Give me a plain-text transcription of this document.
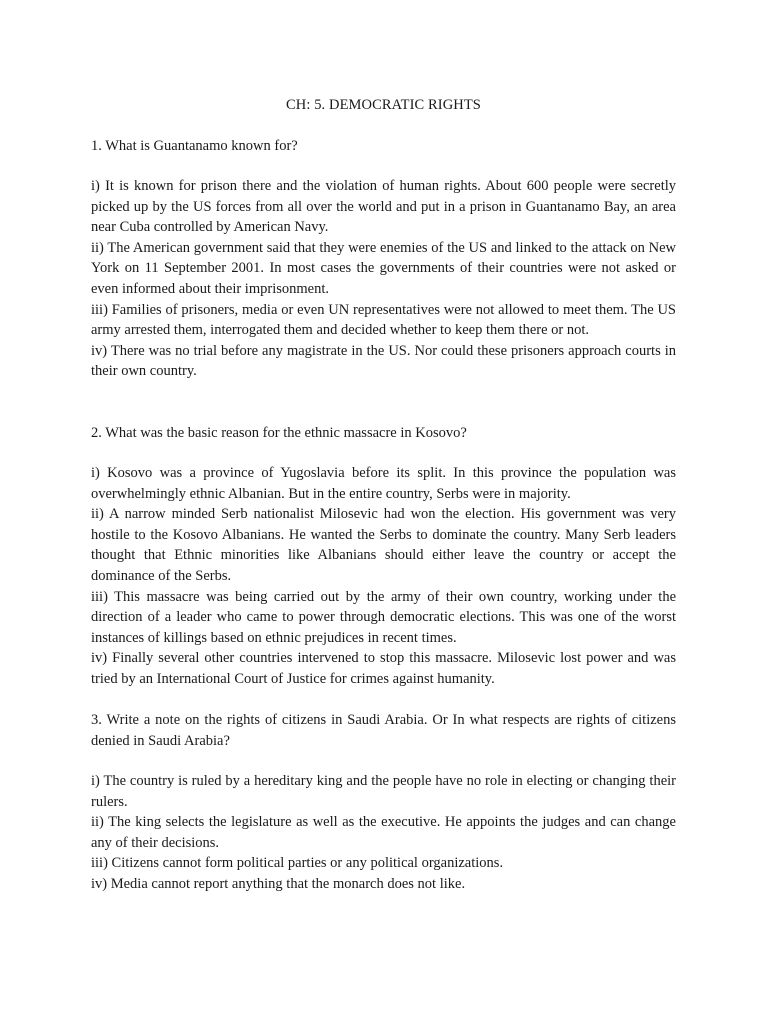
CH: 5. DEMOCRATIC RIGHTS

1. What is Guantanamo known for?

i) It is known for prison there and the violation of human rights. About 600 people were secretly picked up by the US forces from all over the world and put in a prison in Guantanamo Bay, an area near Cuba controlled by American Navy.

ii) The American government said that they were enemies of the US and linked to the attack on New York on 11 September 2001. In most cases the governments of their countries were not asked or even informed about their imprisonment.

iii) Families of prisoners, media or even UN representatives were not allowed to meet them. The US army arrested them, interrogated them and decided whether to keep them there or not.

iv) There was no trial before any magistrate in the US. Nor could these prisoners approach courts in their own country.

2. What was the basic reason for the ethnic massacre in Kosovo?

i) Kosovo was a province of Yugoslavia before its split. In this province the population was overwhelmingly ethnic Albanian. But in the entire country, Serbs were in majority.

ii) A narrow minded Serb nationalist Milosevic had won the election. His government was very hostile to the Kosovo Albanians. He wanted the Serbs to dominate the country. Many Serb leaders thought that Ethnic minorities like Albanians should either leave the country or accept the dominance of the Serbs.

iii) This massacre was being carried out by the army of their own country, working under the direction of a leader who came to power through democratic elections. This was one of the worst instances of killings based on ethnic prejudices in recent times.

iv) Finally several other countries intervened to stop this massacre. Milosevic lost power and was tried by an International Court of Justice for crimes against humanity.

3. Write a note on the rights of citizens in Saudi Arabia. Or In what respects are rights of citizens denied in Saudi Arabia?

i) The country is ruled by a hereditary king and the people have no role in electing or changing their rulers.

ii) The king selects the legislature as well as the executive. He appoints the judges and can change any of their decisions.

iii) Citizens cannot form political parties or any political organizations.

iv) Media cannot report anything that the monarch does not like.
